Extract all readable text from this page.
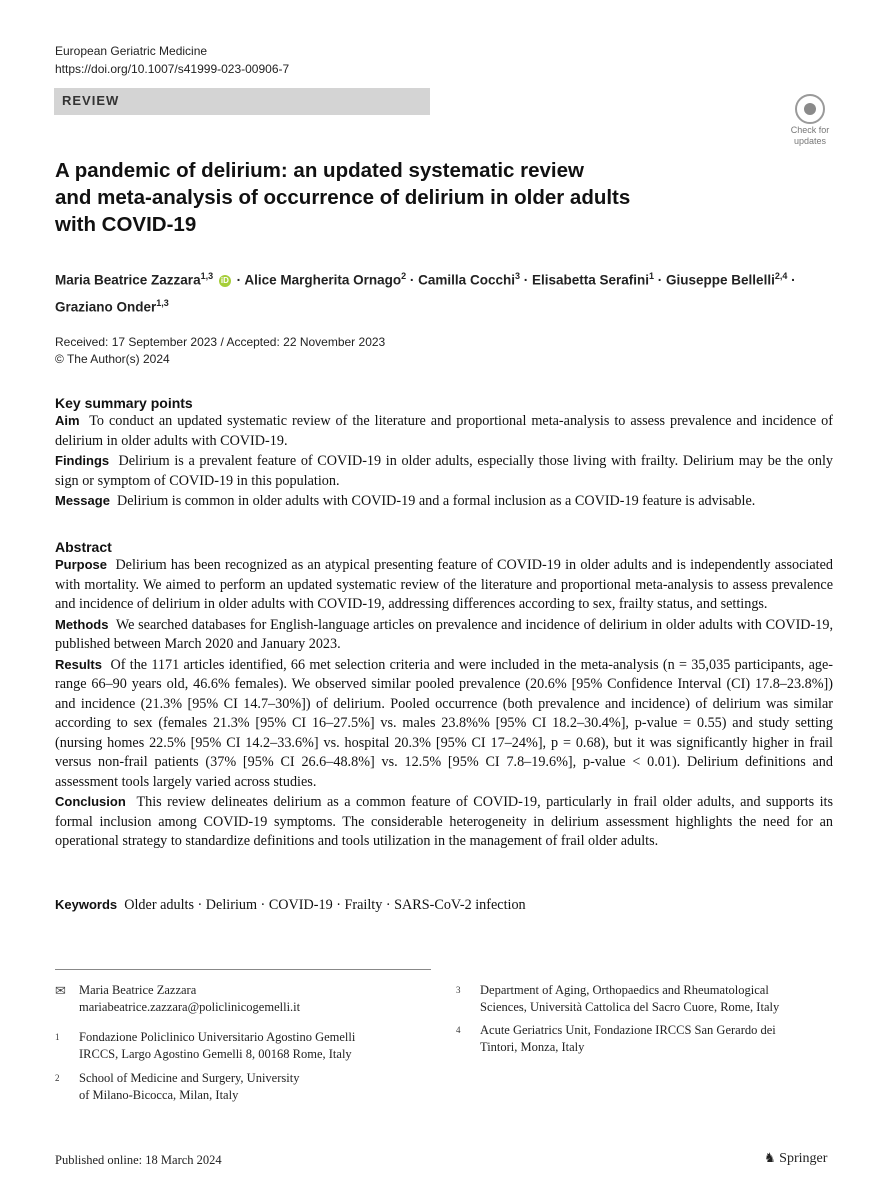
European Geriatric Medicine
https://doi.org/10.1007/s41999-023-00906-7
REVIEW
Check for
updates
A pandemic of delirium: an updated systematic review
and meta-analysis of occurrence of delirium in older adults
with COVID-19
Maria Beatrice Zazzara$^{1,3}$ iD · Alice Margherita Ornago$^2$ · Camilla Cocchi$^3$ · Elisabetta Serafini$^1$ · Giuseppe Bellelli$^{2,4}$ ·
Graziano Onder$^{1,3}$
Received: 17 September 2023 / Accepted: 22 November 2023
© The Author(s) 2024
Key summary points
Aim To conduct an updated systematic review of the literature and proportional meta-analysis to assess prevalence and incidence of delirium in older adults with COVID-19.
Findings Delirium is a prevalent feature of COVID-19 in older adults, especially those living with frailty. Delirium may be the only sign or symptom of COVID-19 in this population.
Message Delirium is common in older adults with COVID-19 and a formal inclusion as a COVID-19 feature is advisable.
Abstract
Purpose Delirium has been recognized as an atypical presenting feature of COVID-19 in older adults and is independently associated with mortality. We aimed to perform an updated systematic review of the literature and proportional meta-analysis to assess prevalence and incidence of delirium in older adults with COVID-19, addressing differences according to sex, frailty status, and settings.
Methods We searched databases for English-language articles on prevalence and incidence of delirium in older adults with COVID-19, published between March 2020 and January 2023.
Results Of the 1171 articles identified, 66 met selection criteria and were included in the meta-analysis (n = 35,035 participants, age-range 66–90 years old, 46.6% females). We observed similar pooled prevalence (20.6% [95% Confidence Interval (CI) 17.8–23.8%]) and incidence (21.3% [95% CI 14.7–30%]) of delirium. Pooled occurrence (both prevalence and incidence) of delirium was similar according to sex (females 21.3% [95% CI 16–27.5%] vs. males 23.8%% [95% CI 18.2–30.4%], p-value = 0.55) and study setting (nursing homes 22.5% [95% CI 14.2–33.6%] vs. hospital 20.3% [95% CI 17–24%], p = 0.68), but it was significantly higher in frail versus non-frail patients (37% [95% CI 26.6–48.8%] vs. 12.5% [95% CI 7.8–19.6%], p-value < 0.01). Delirium definitions and assessment tools largely varied across studies.
Conclusion This review delineates delirium as a common feature of COVID-19, particularly in frail older adults, and supports its formal inclusion among COVID-19 symptoms. The considerable heterogeneity in delirium assessment highlights the need for an operational strategy to standardize definitions and tools utilization in the management of frail older adults.
Keywords Older adults · Delirium · COVID-19 · Frailty · SARS-CoV-2 infection
✉ Maria Beatrice Zazzara
mariabeatrice.zazzara@policlinicogemelli.it
1 Fondazione Policlinico Universitario Agostino Gemelli
IRCCS, Largo Agostino Gemelli 8, 00168 Rome, Italy
2 School of Medicine and Surgery, University
of Milano-Bicocca, Milan, Italy
3 Department of Aging, Orthopaedics and Rheumatological
Sciences, Università Cattolica del Sacro Cuore, Rome, Italy
4 Acute Geriatrics Unit, Fondazione IRCCS San Gerardo dei
Tintori, Monza, Italy
Published online: 18 March 2024	♞ Springer
